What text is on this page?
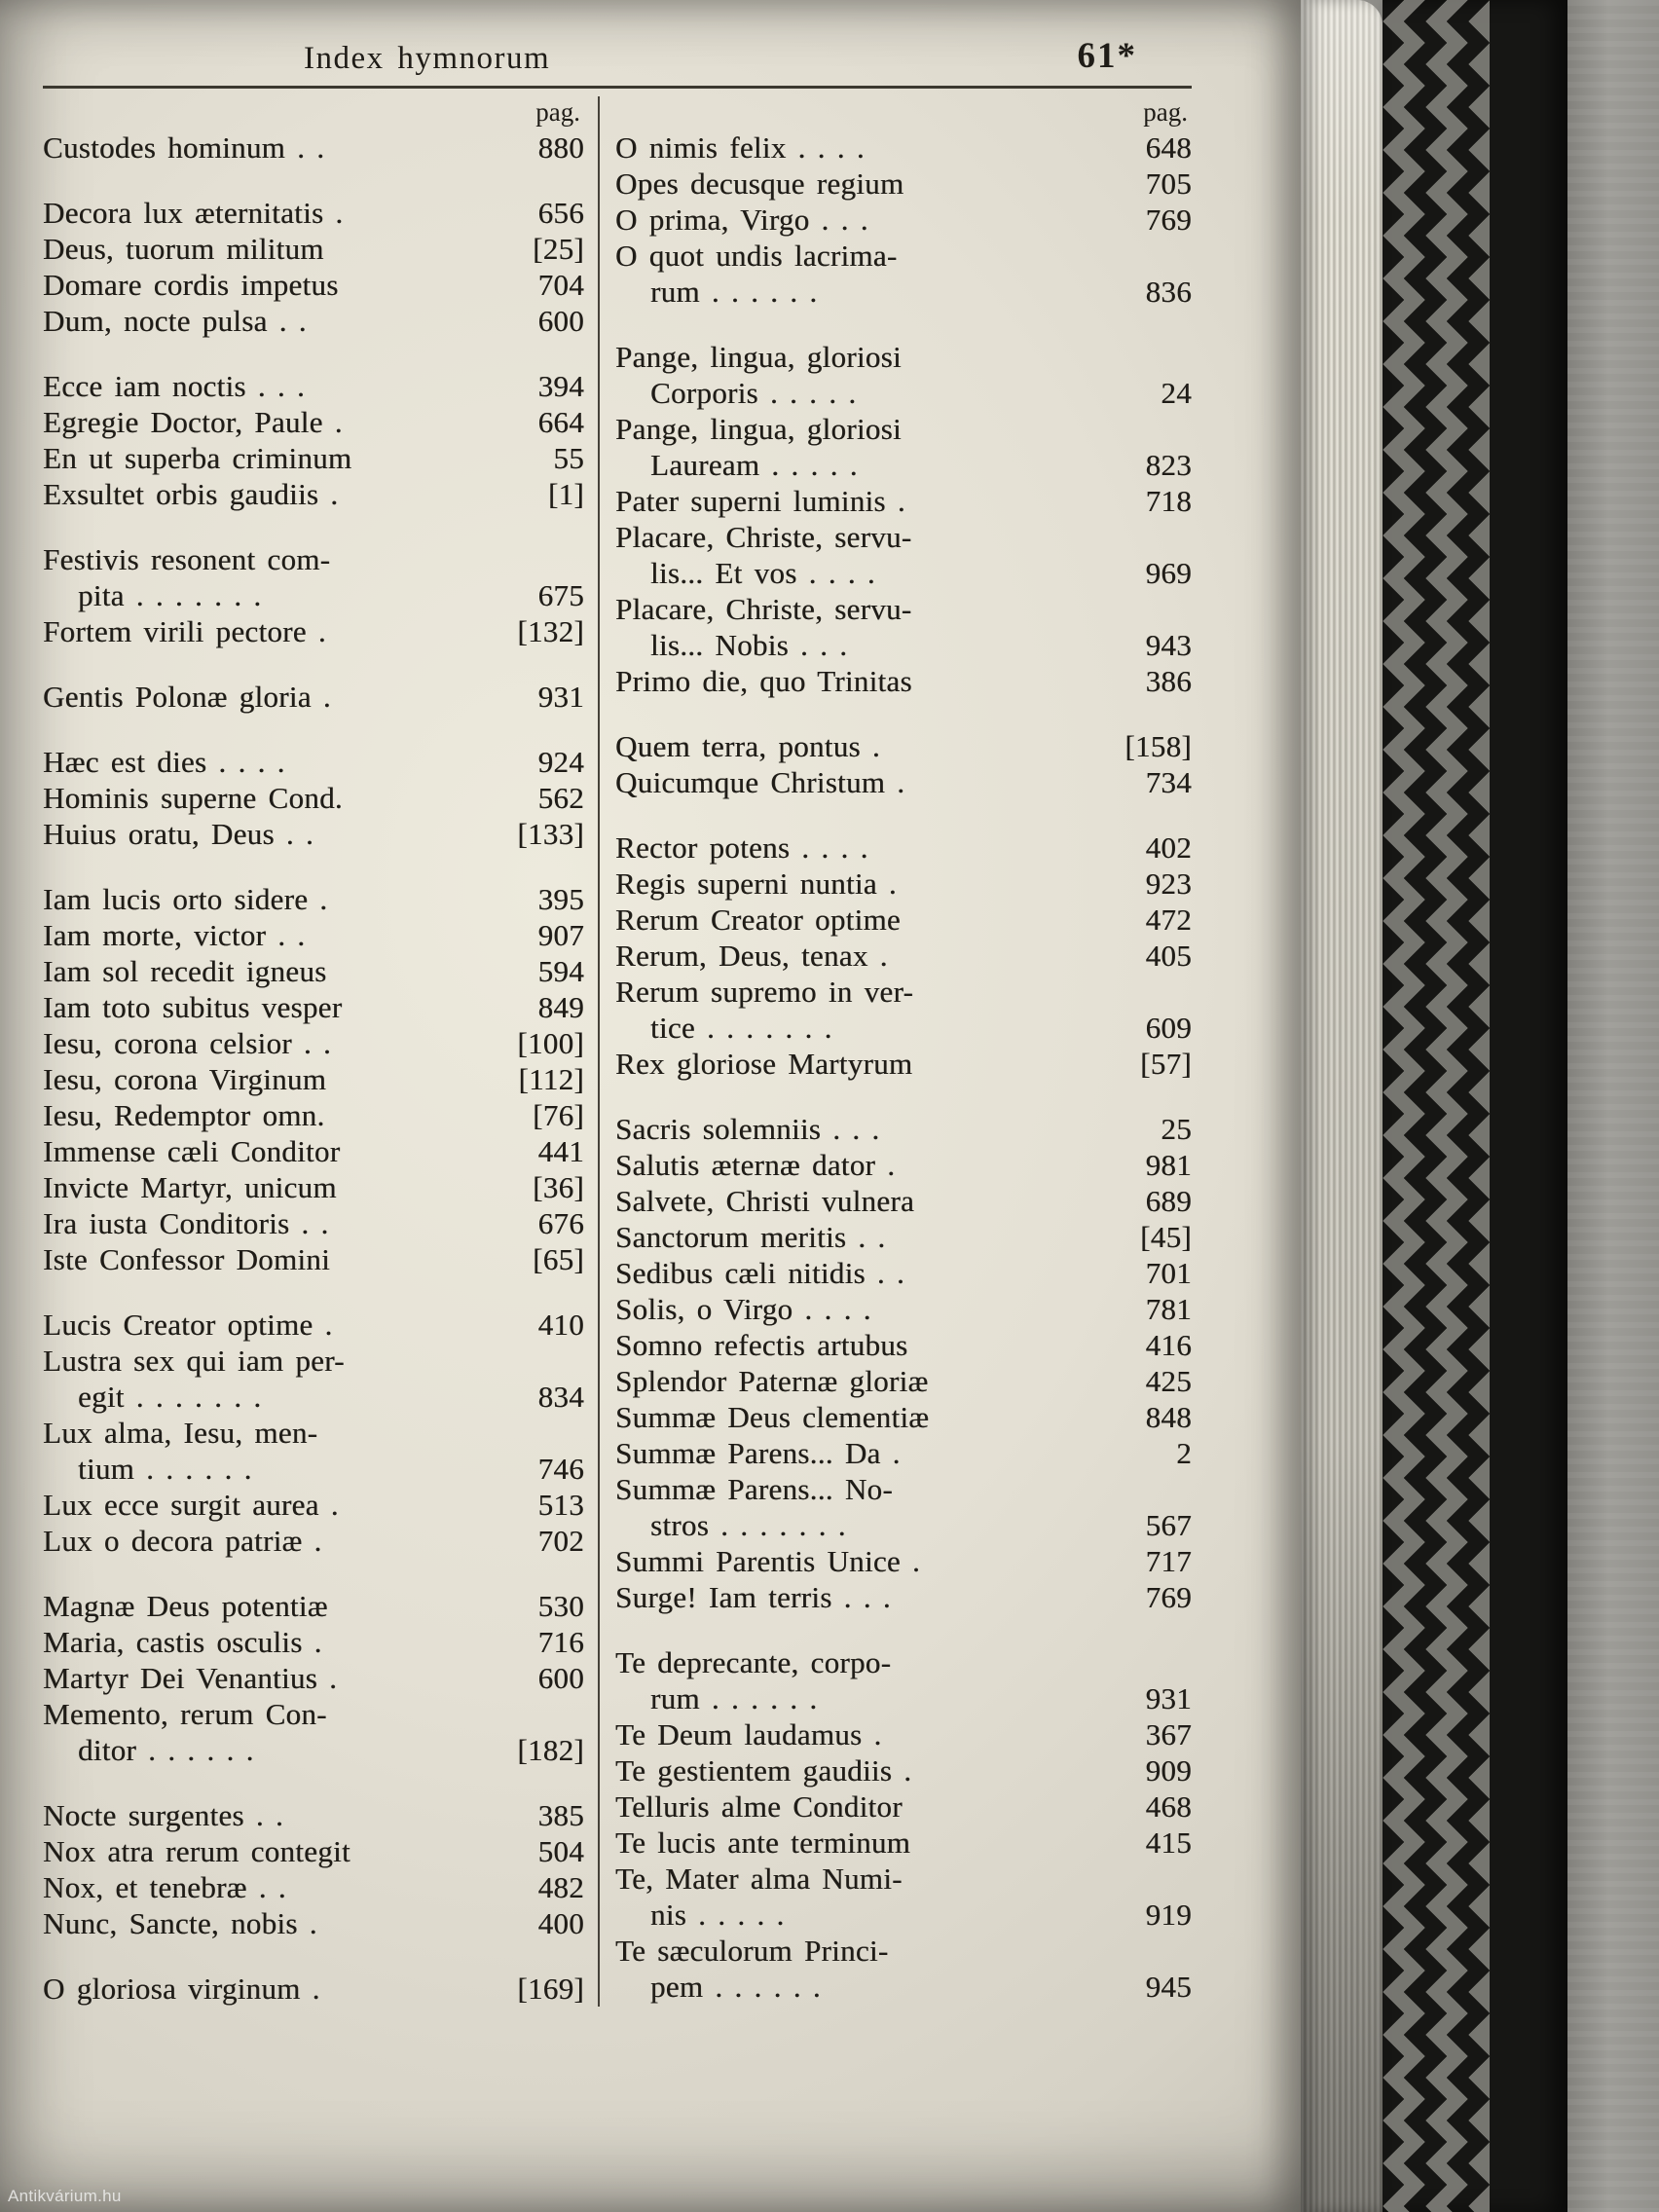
Index hymnorum	61*
pag.
Custodes hominum . .	880
Decora lux æternitatis .	656
Deus, tuorum militum	[25]
Domare cordis impetus	704
Dum, nocte pulsa . .	600
Ecce iam noctis . . .	394
Egregie Doctor, Paule .	664
En ut superba criminum	55
Exsultet orbis gaudiis .	[1]
Festivis resonent com-
pita . . . . . . .	675
Fortem virili pectore .	[132]
Gentis Polonæ gloria .	931
Hæc est dies . . . .	924
Hominis superne Cond.	562
Huius oratu, Deus . .	[133]
Iam lucis orto sidere .	395
Iam morte, victor . .	907
Iam sol recedit igneus	594
Iam toto subitus vesper	849
Iesu, corona celsior . .	[100]
Iesu, corona Virginum	[112]
Iesu, Redemptor omn.	[76]
Immense cæli Conditor	441
Invicte Martyr, unicum	[36]
Ira iusta Conditoris . .	676
Iste Confessor Domini	[65]
Lucis Creator optime .	410
Lustra sex qui iam per-
egit . . . . . . .	834
Lux alma, Iesu, men-
tium . . . . . .	746
Lux ecce surgit aurea .	513
Lux o decora patriæ .	702
Magnæ Deus potentiæ	530
Maria, castis osculis .	716
Martyr Dei Venantius .	600
Memento, rerum Con-
ditor . . . . . .	[182]
Nocte surgentes . .	385
Nox atra rerum contegit	504
Nox, et tenebræ . .	482
Nunc, Sancte, nobis .	400
O gloriosa virginum .	[169]
pag.
O nimis felix . . . .	648
Opes decusque regium	705
O prima, Virgo . . .	769
O quot undis lacrima-
rum . . . . . .	836
Pange, lingua, gloriosi
Corporis . . . . .	24
Pange, lingua, gloriosi
Lauream . . . . .	823
Pater superni luminis .	718
Placare, Christe, servu-
lis... Et vos . . . .	969
Placare, Christe, servu-
lis... Nobis . . .	943
Primo die, quo Trinitas	386
Quem terra, pontus .	[158]
Quicumque Christum .	734
Rector potens . . . .	402
Regis superni nuntia .	923
Rerum Creator optime	472
Rerum, Deus, tenax .	405
Rerum supremo in ver-
tice . . . . . . .	609
Rex gloriose Martyrum	[57]
Sacris solemniis . . .	25
Salutis æternæ dator .	981
Salvete, Christi vulnera	689
Sanctorum meritis . .	[45]
Sedibus cæli nitidis . .	701
Solis, o Virgo . . . .	781
Somno refectis artubus	416
Splendor Paternæ gloriæ	425
Summæ Deus clementiæ	848
Summæ Parens... Da .	2
Summæ Parens... No-
stros . . . . . . .	567
Summi Parentis Unice .	717
Surge! Iam terris . . .	769
Te deprecante, corpo-
rum . . . . . .	931
Te Deum laudamus .	367
Te gestientem gaudiis .	909
Telluris alme Conditor	468
Te lucis ante terminum	415
Te, Mater alma Numi-
nis . . . . .	919
Te sæculorum Princi-
pem . . . . . .	945
Antikvárium.hu
